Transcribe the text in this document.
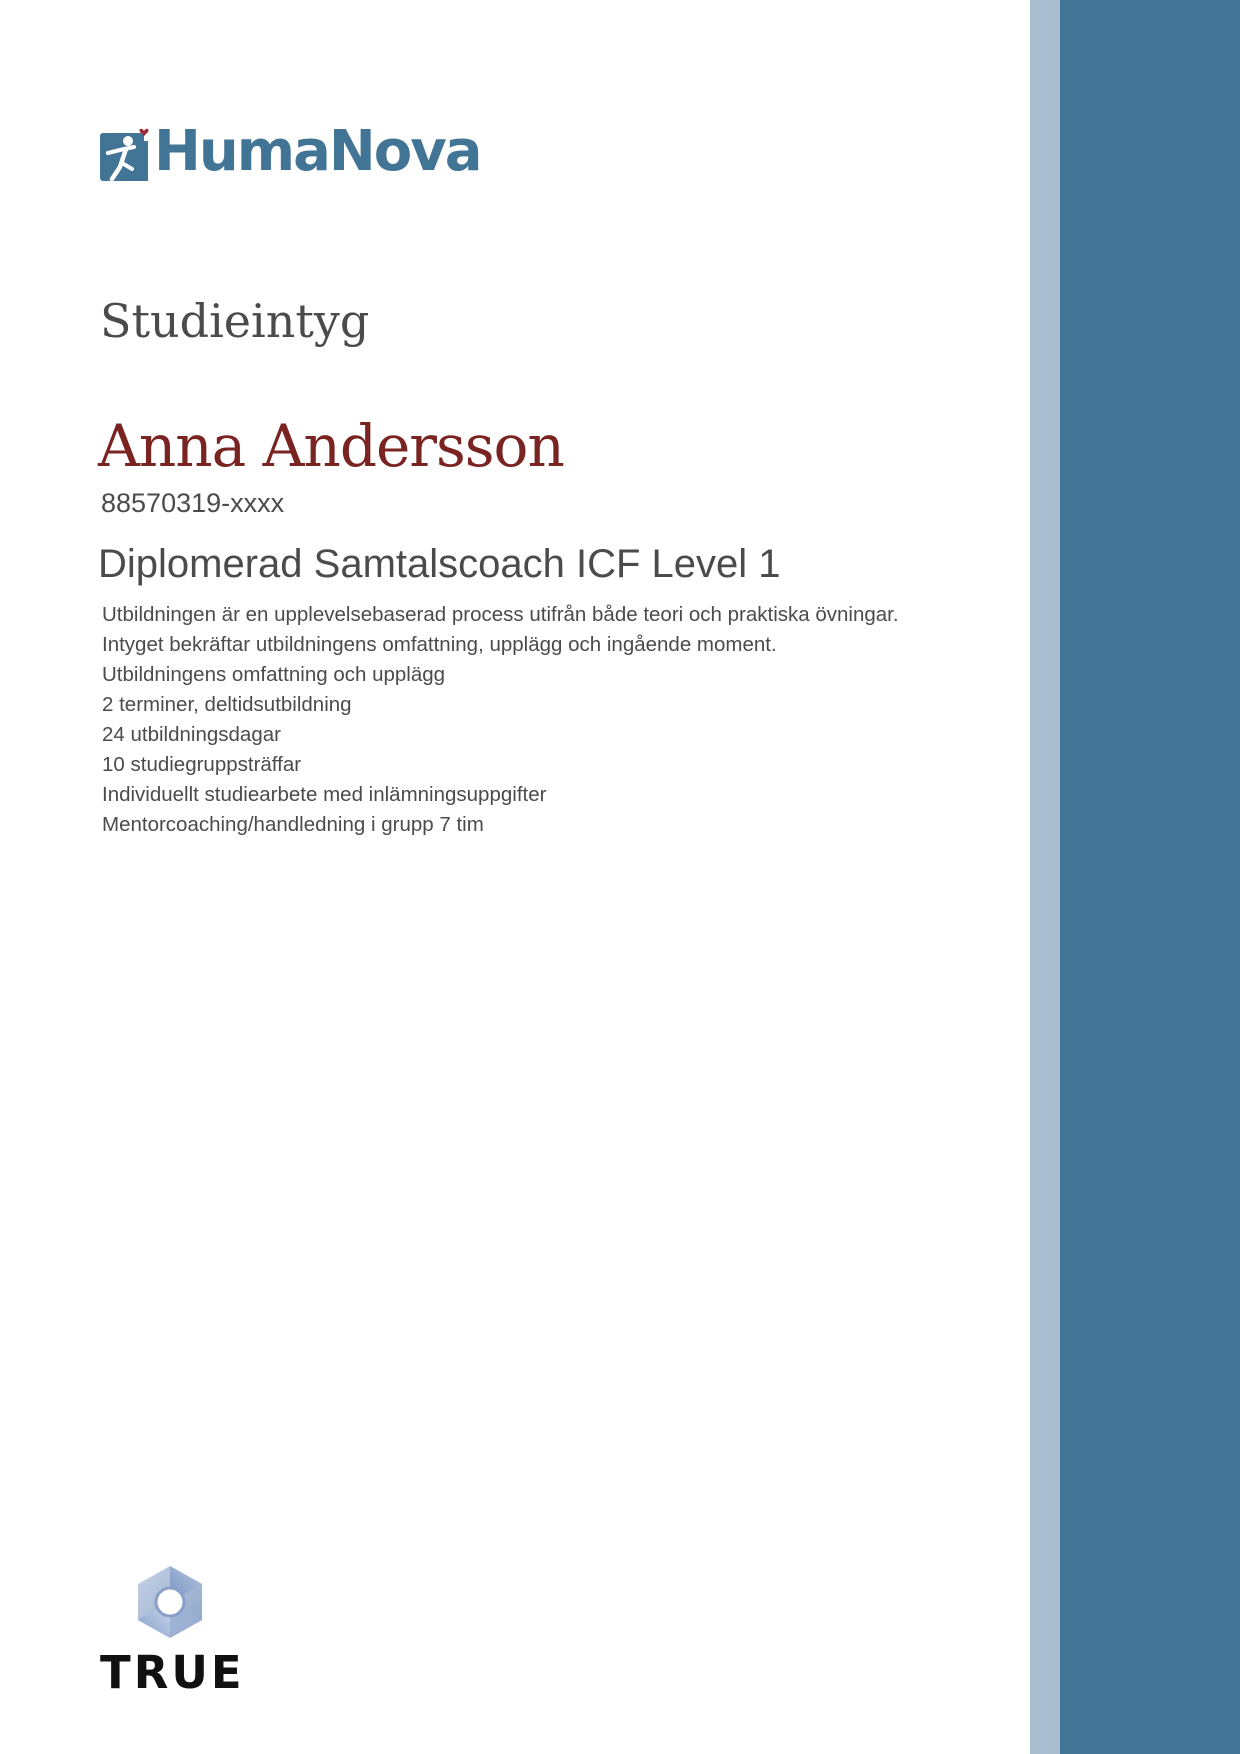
HumaNova
Studieintyg
Anna Andersson

88570319-xxxx

Diplomerad Samtalscoach ICF Level 1
Utbildningen är en upplevelsebaserad process utifrån både teori och praktiska övningar.
Intyget bekräftar utbildningens omfattning, upplägg och ingående moment.
Utbildningens omfattning och upplägg
2 terminer, deltidsutbildning
24 utbildningsdagar
10 studiegruppsträffar
Individuellt studiearbete med inlämningsuppgifter
Mentorcoaching/handledning i grupp 7 tim
TRUE
